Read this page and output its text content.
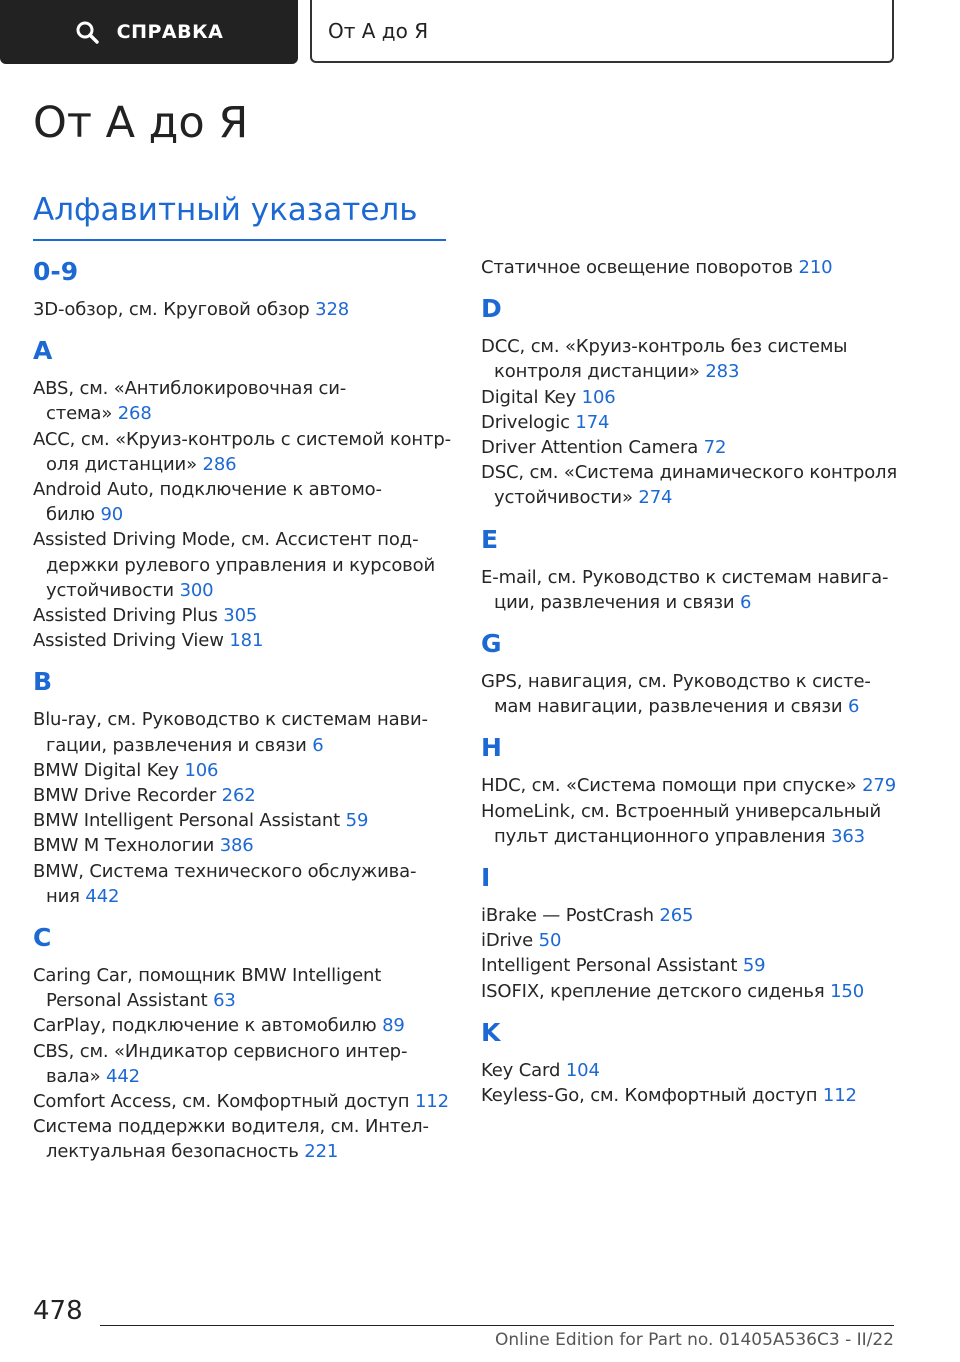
СПРАВКА	От А до Я
От А до Я
Алфавитный указатель
0-9
3D-обзор, см. Круговой обзор 328
A
ABS, см. «Антиблокировочная си-
стема» 268
ACC, см. «Круиз-контроль с системой контр-
оля дистанции» 286
Android Auto, подключение к автомо-
билю 90
Assisted Driving Mode, см. Ассистент под-
держки рулевого управления и курсовой
устойчивости 300
Assisted Driving Plus 305
Assisted Driving View 181
B
Blu-ray, см. Руководство к системам нави-
гации, развлечения и связи 6
BMW Digital Key 106
BMW Drive Recorder 262
BMW Intelligent Personal Assistant 59
BMW M Технологии 386
BMW, Система технического обслужива-
ния 442
C
Caring Car, помощник BMW Intelligent
Personal Assistant 63
CarPlay, подключение к автомобилю 89
CBS, см. «Индикатор сервисного интер-
вала» 442
Comfort Access, см. Комфортный доступ 112
Система поддержки водителя, см. Интел-
лектуальная безопасность 221
Статичное освещение поворотов 210
D
DCC, см. «Круиз-контроль без системы
контроля дистанции» 283
Digital Key 106
Drivelogic 174
Driver Attention Camera 72
DSC, см. «Система динамического контроля
устойчивости» 274
E
E-mail, см. Руководство к системам навига-
ции, развлечения и связи 6
G
GPS, навигация, см. Руководство к систе-
мам навигации, развлечения и связи 6
H
HDC, см. «Система помощи при спуске» 279
HomeLink, см. Встроенный универсальный
пульт дистанционного управления 363
I
iBrake — PostCrash 265
iDrive 50
Intelligent Personal Assistant 59
ISOFIX, крепление детского сиденья 150
K
Key Card 104
Keyless-Go, см. Комфортный доступ 112
478
Online Edition for Part no. 01405A536C3 - II/22
